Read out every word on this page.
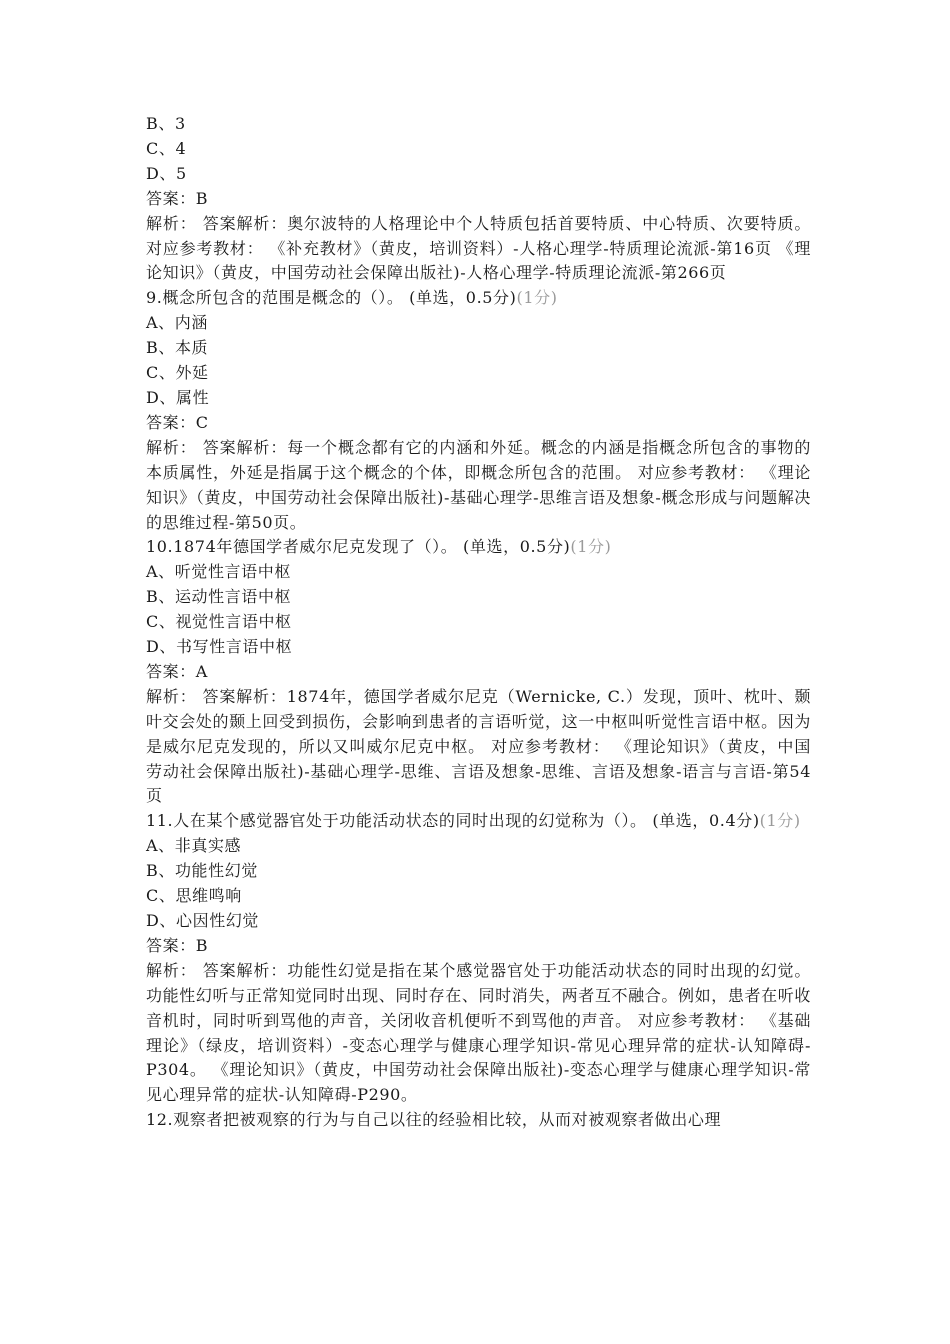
B、3
C、4
D、5
答案：B
解析： 答案解析：奥尔波特的人格理论中个人特质包括首要特质、中心特质、次要特质。 对应参考教材： 《补充教材》（黄皮，培训资料）-人格心理学-特质理论流派-第16页 《理论知识》（黄皮，中国劳动社会保障出版社)-人格心理学-特质理论流派-第266页
9.概念所包含的范围是概念的（）。 (单选，0.5分)(1分)
A、内涵
B、本质
C、外延
D、属性
答案：C
解析： 答案解析：每一个概念都有它的内涵和外延。概念的内涵是指概念所包含的事物的本质属性，外延是指属于这个概念的个体，即概念所包含的范围。 对应参考教材： 《理论知识》（黄皮，中国劳动社会保障出版社)-基础心理学-思维言语及想象-概念形成与问题解决的思维过程-第50页。
10.1874年德国学者威尔尼克发现了（）。 (单选，0.5分)(1分)
A、听觉性言语中枢
B、运动性言语中枢
C、视觉性言语中枢
D、书写性言语中枢
答案：A
解析： 答案解析：1874年，德国学者威尔尼克（Wernicke, C.）发现，顶叶、枕叶、颞叶交会处的颞上回受到损伤，会影响到患者的言语听觉，这一中枢叫听觉性言语中枢。因为是威尔尼克发现的，所以又叫威尔尼克中枢。 对应参考教材： 《理论知识》（黄皮，中国劳动社会保障出版社)-基础心理学-思维、言语及想象-思维、言语及想象-语言与言语-第54页
11.人在某个感觉器官处于功能活动状态的同时出现的幻觉称为（）。 (单选，0.4分)(1分)
A、非真实感
B、功能性幻觉
C、思维鸣响
D、心因性幻觉
答案：B
解析： 答案解析：功能性幻觉是指在某个感觉器官处于功能活动状态的同时出现的幻觉。功能性幻听与正常知觉同时出现、同时存在、同时消失，两者互不融合。例如，患者在听收音机时，同时听到骂他的声音，关闭收音机便听不到骂他的声音。 对应参考教材： 《基础理论》（绿皮，培训资料）-变态心理学与健康心理学知识-常见心理异常的症状-认知障碍-P304。 《理论知识》（黄皮，中国劳动社会保障出版社)-变态心理学与健康心理学知识-常见心理异常的症状-认知障碍-P290。
12.观察者把被观察的行为与自己以往的经验相比较，从而对被观察者做出心理
